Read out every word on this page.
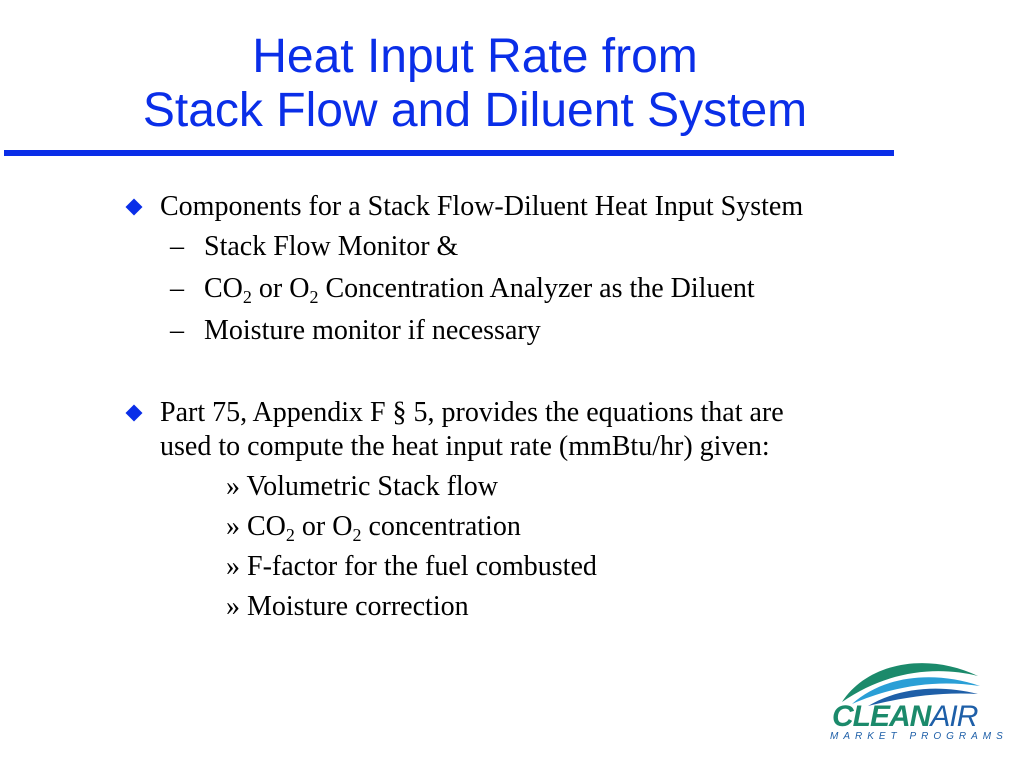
Heat Input Rate from
Stack Flow and Diluent System
Components for a Stack Flow-Diluent Heat Input System
– Stack Flow Monitor &
– $CO_2$ or $O_2$ Concentration Analyzer as the Diluent
– Moisture monitor if necessary
Part 75, Appendix F § 5, provides the equations that are
used to compute the heat input rate (mmBtu/hr) given:
» Volumetric Stack flow
» $CO_2$ or $O_2$ concentration
» F-factor for the fuel combusted
» Moisture correction
CLEANAIR
MARKET PROGRAMS
